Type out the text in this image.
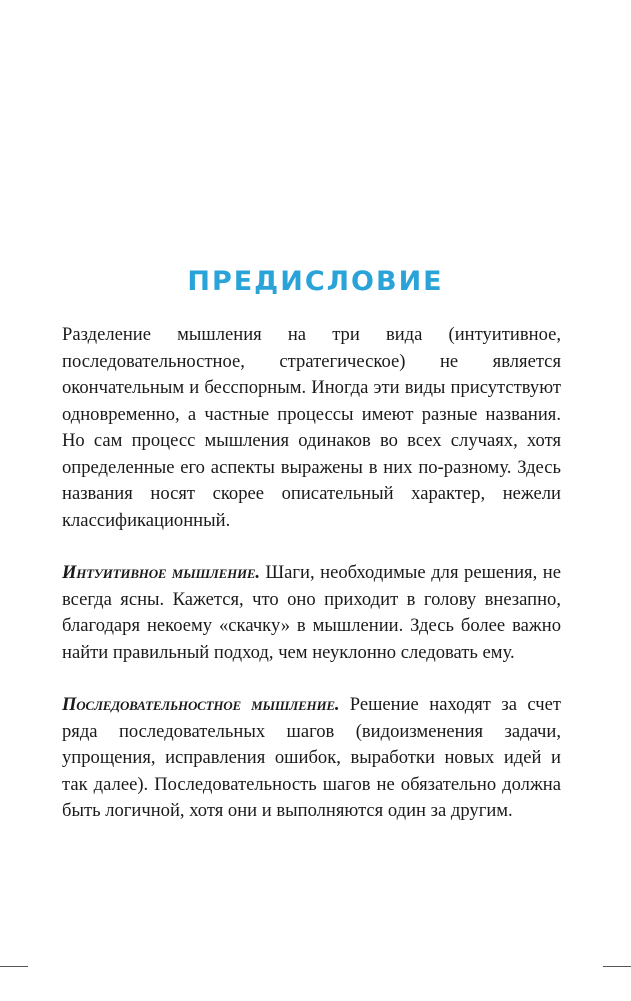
ПРЕДИСЛОВИЕ

Разделение мышления на три вида (интуитивное, последовательностное, стратегическое) не является окончательным и бесспорным. Иногда эти виды присутствуют одновременно, а частные процессы имеют разные названия. Но сам процесс мышления одинаков во всех случаях, хотя определенные его аспекты выражены в них по-разному. Здесь названия носят скорее описательный характер, нежели классификационный.

Интуитивное мышление. Шаги, необходимые для решения, не всегда ясны. Кажется, что оно приходит в голову внезапно, благодаря некоему «скачку» в мышлении. Здесь более важно найти правильный подход, чем неуклонно следовать ему.

Последовательностное мышление. Решение находят за счет ряда последовательных шагов (видоизменения задачи, упрощения, исправления ошибок, выработки новых идей и так далее). Последовательность шагов не обязательно должна быть логичной, хотя они и выполняются один за другим.
